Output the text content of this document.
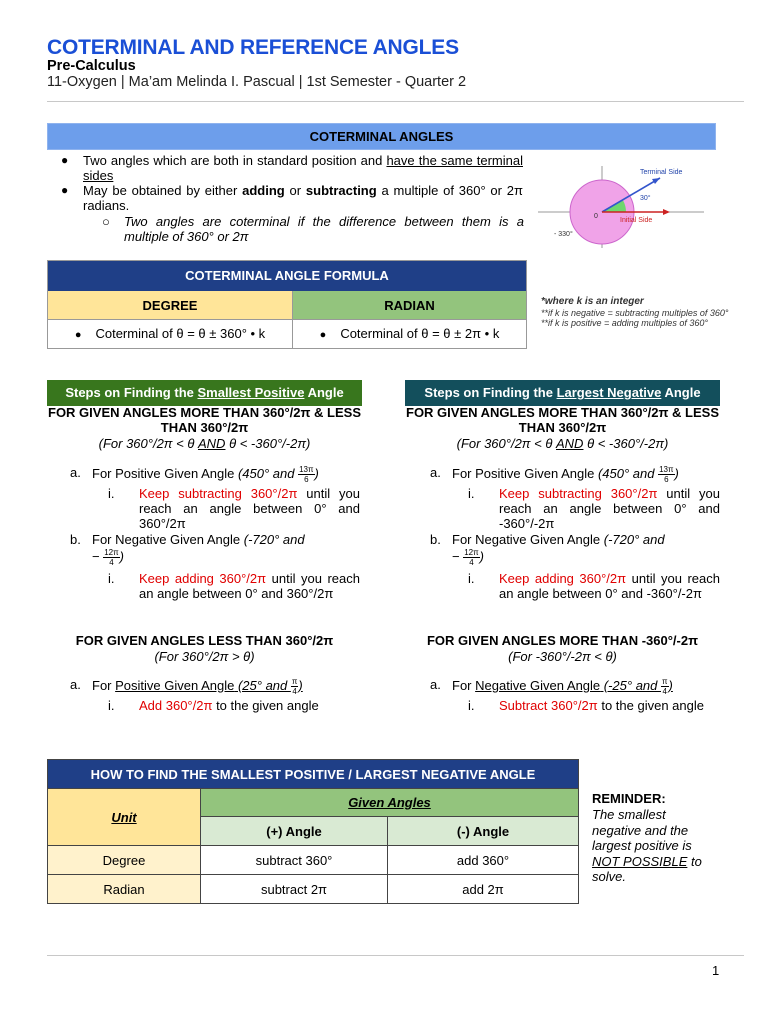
COTERMINAL AND REFERENCE ANGLES
Pre-Calculus
11-Oxygen | Ma’am Melinda I. Pascual | 1st Semester - Quarter 2
COTERMINAL ANGLES
● Two angles which are both in standard position and have the same terminal sides
● May be obtained by either adding or subtracting a multiple of 360° or 2π radians.
○ Two angles are coterminal if the difference between them is a multiple of 360° or 2π
Terminal Side
Initial Side
30°
- 330°
0
COTERMINAL ANGLE FORMULA
DEGREE	RADIAN
● Coterminal of θ = θ ± 360° • k	● Coterminal of θ = θ ± 2π • k
*where k is an integer
**if k is negative = subtracting multiples of 360°
**if k is positive = adding multiples of 360°
Steps on Finding the Smallest Positive Angle
FOR GIVEN ANGLES MORE THAN 360°/2π & LESS THAN 360°/2π
(For 360°/2π < θ AND θ < -360°/-2π)
a. For Positive Given Angle (450° and $\frac{13\pi}{6}$ )
i. Keep subtracting 360°/2π until you reach an angle between 0° and 360°/2π
b. For Negative Given Angle (-720° and
− $\frac{12\pi}{4}$ )
i. Keep adding 360°/2π until you reach an angle between 0° and 360°/2π
FOR GIVEN ANGLES LESS THAN 360°/2π
(For 360°/2π > θ)
a. For Positive Given Angle (25° and $\frac{\pi}{4}$ )
i. Add 360°/2π to the given angle
Steps on Finding the Largest Negative Angle
FOR GIVEN ANGLES MORE THAN 360°/2π & LESS THAN 360°/2π
(For 360°/2π < θ AND θ < -360°/-2π)
a. For Positive Given Angle (450° and $\frac{13\pi}{6}$ )
i. Keep subtracting 360°/2π until you reach an angle between 0° and -360°/-2π
b. For Negative Given Angle (-720° and
− $\frac{12\pi}{4}$ )
i. Keep adding 360°/2π until you reach an angle between 0° and -360°/-2π
FOR GIVEN ANGLES MORE THAN -360°/-2π
(For -360°/-2π < θ)
a. For Negative Given Angle (-25° and $\frac{\pi}{4}$ )
i. Subtract 360°/2π to the given angle
HOW TO FIND THE SMALLEST POSITIVE / LARGEST NEGATIVE ANGLE
Unit
Given Angles
(+) Angle	(-) Angle
Degree	subtract 360°	add 360°
Radian	subtract 2π	add 2π
REMINDER:
The smallest negative and the largest positive is NOT POSSIBLE to solve.
1
